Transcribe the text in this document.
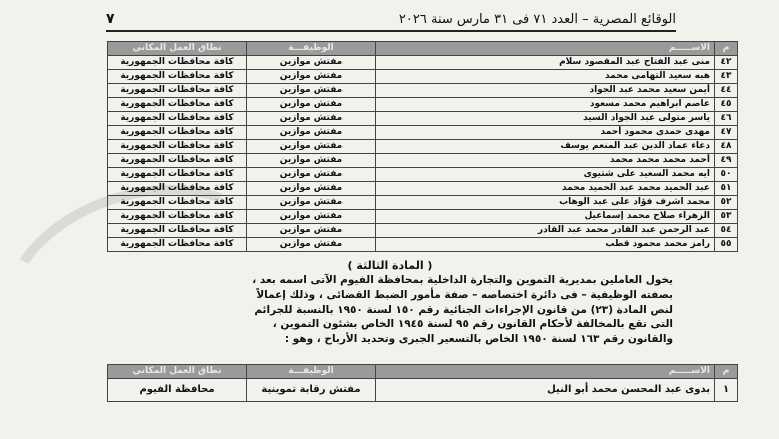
الوقائع المصرية – العدد ٧١ فى ٣١ مارس سنة ٢٠٢٦
٧
م	الاســـــم	الوظيفـــة	نطاق العمل المكاني
٤٢	منى عبد الفتاح عبد المقصود سلام	مفتش موازين	كافة محافظات الجمهورية
٤٣	هبه سعيد التهامى محمد	مفتش موازين	كافة محافظات الجمهورية
٤٤	أيمن سعيد محمد عبد الجواد	مفتش موازين	كافة محافظات الجمهورية
٤٥	عاصم ابراهيم محمد مسعود	مفتش موازين	كافة محافظات الجمهورية
٤٦	ياسر متولى عبد الجواد السيد	مفتش موازين	كافة محافظات الجمهورية
٤٧	مهدى حمدى محمود أحمد	مفتش موازين	كافة محافظات الجمهورية
٤٨	دعاء عماد الدين عبد المنعم يوسف	مفتش موازين	كافة محافظات الجمهورية
٤٩	أحمد محمد محمد محمد	مفتش موازين	كافة محافظات الجمهورية
٥٠	ايه محمد السعيد على شتيوى	مفتش موازين	كافة محافظات الجمهورية
٥١	عبد الحميد محمد عبد الحميد محمد	مفتش موازين	كافة محافظات الجمهورية
٥٢	محمد اشرف فؤاد على عبد الوهاب	مفتش موازين	كافة محافظات الجمهورية
٥٣	الزهراء صلاح محمد إسماعيل	مفتش موازين	كافة محافظات الجمهورية
٥٤	عبد الرحمن عبد القادر محمد عبد القادر	مفتش موازين	كافة محافظات الجمهورية
٥٥	رامز محمد محمود قطب	مفتش موازين	كافة محافظات الجمهورية
( المادة الثالثة )
يخول العاملين بمديرية التموين والتجارة الداخلية بمحافظة الفيوم الآتى اسمه بعد ،
بصفته الوظيفية – فى دائرة اختصاصه – صفة مأمور الضبط القضائى ، وذلك إعمالاً
لنص المادة (٢٣) من قانون الإجراءات الجنائية رقم ١٥٠ لسنة ١٩٥٠ بالنسبة للجرائم
التى تقع بالمخالفة لأحكام القانون رقم ٩٥ لسنة ١٩٤٥ الخاص بشئون التموين ،
والقانون رقم ١٦٣ لسنة ١٩٥٠ الخاص بالتسعير الجبرى وتحديد الأرباح ، وهو :
م	الاســـــم	الوظيفـــة	نطاق العمل المكاني
١	بدوى عبد المحسن محمد أبو النيل	مفتش رقابة تموينية	محافظة الفيوم
